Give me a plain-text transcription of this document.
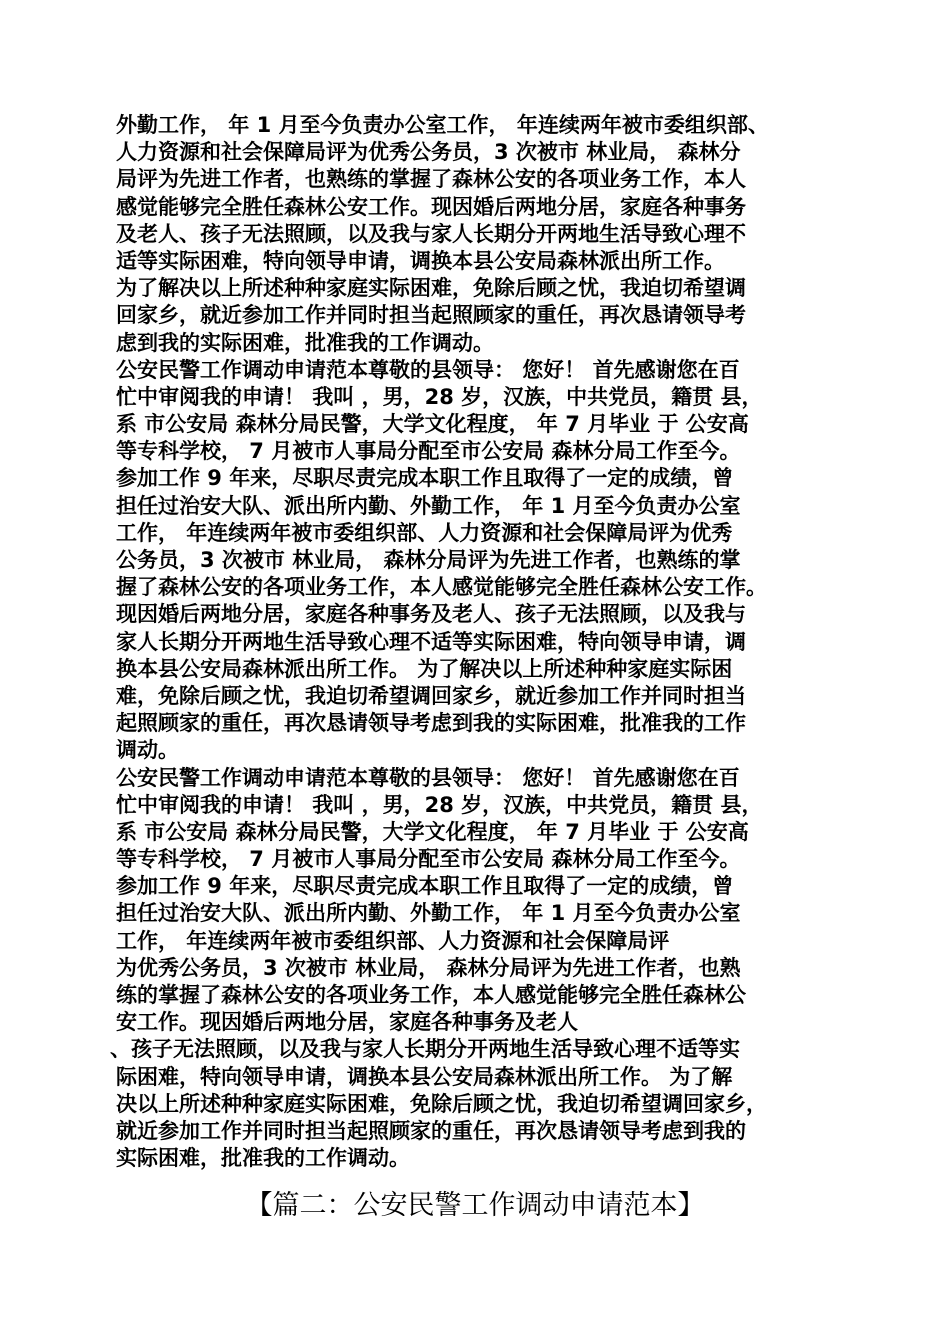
外勤工作， 年 1 月至今负责办公室工作， 年连续两年被市委组织部、
人力资源和社会保障局评为优秀公务员，3 次被市 林业局， 森林分
局评为先进工作者，也熟练的掌握了森林公安的各项业务工作，本人
感觉能够完全胜任森林公安工作。现因婚后两地分居，家庭各种事务
及老人、孩子无法照顾，以及我与家人长期分开两地生活导致心理不
适等实际困难，特向领导申请，调换本县公安局森林派出所工作。
为了解决以上所述种种家庭实际困难，免除后顾之忧，我迫切希望调
回家乡，就近参加工作并同时担当起照顾家的重任，再次恳请领导考
虑到我的实际困难，批准我的工作调动。
公安民警工作调动申请范本尊敬的县领导： 您好！ 首先感谢您在百
忙中审阅我的申请！ 我叫 ，男，28 岁，汉族，中共党员，籍贯 县，
系 市公安局 森林分局民警，大学文化程度， 年 7 月毕业 于 公安高
等专科学校， 7 月被市人事局分配至市公安局 森林分局工作至今。
参加工作 9 年来，尽职尽责完成本职工作且取得了一定的成绩，曾
担任过治安大队、派出所内勤、外勤工作， 年 1 月至今负责办公室
工作， 年连续两年被市委组织部、人力资源和社会保障局评为优秀
公务员，3 次被市 林业局， 森林分局评为先进工作者，也熟练的掌
握了森林公安的各项业务工作，本人感觉能够完全胜任森林公安工作。
现因婚后两地分居，家庭各种事务及老人、孩子无法照顾，以及我与
家人长期分开两地生活导致心理不适等实际困难，特向领导申请，调
换本县公安局森林派出所工作。 为了解决以上所述种种家庭实际困
难，免除后顾之忧，我迫切希望调回家乡，就近参加工作并同时担当
起照顾家的重任，再次恳请领导考虑到我的实际困难，批准我的工作
调动。
公安民警工作调动申请范本尊敬的县领导： 您好！ 首先感谢您在百
忙中审阅我的申请！ 我叫 ，男，28 岁，汉族，中共党员，籍贯 县，
系 市公安局 森林分局民警，大学文化程度， 年 7 月毕业 于 公安高
等专科学校， 7 月被市人事局分配至市公安局 森林分局工作至今。
参加工作 9 年来，尽职尽责完成本职工作且取得了一定的成绩，曾
担任过治安大队、派出所内勤、外勤工作， 年 1 月至今负责办公室
工作， 年连续两年被市委组织部、人力资源和社会保障局评
为优秀公务员，3 次被市 林业局， 森林分局评为先进工作者，也熟
练的掌握了森林公安的各项业务工作，本人感觉能够完全胜任森林公
安工作。现因婚后两地分居，家庭各种事务及老人
、孩子无法照顾，以及我与家人长期分开两地生活导致心理不适等实
际困难，特向领导申请，调换本县公安局森林派出所工作。 为了解
决以上所述种种家庭实际困难，免除后顾之忧，我迫切希望调回家乡，
就近参加工作并同时担当起照顾家的重任，再次恳请领导考虑到我的
实际困难，批准我的工作调动。
【篇二：公安民警工作调动申请范本】
